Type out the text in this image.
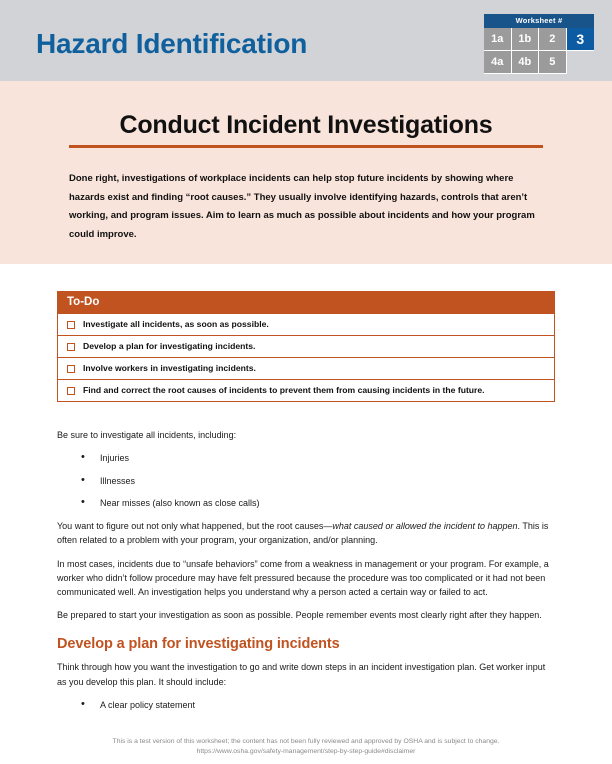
Hazard Identification
Worksheet #
1a	1b	2	3
4a	4b	5
Conduct Incident Investigations
Done right, investigations of workplace incidents can help stop future incidents by showing where hazards exist and finding “root causes.” They usually involve identifying hazards, controls that aren’t working, and program issues. Aim to learn as much as possible about incidents and how your program could improve.
To-Do
Investigate all incidents, as soon as possible.
Develop a plan for investigating incidents.
Involve workers in investigating incidents.
Find and correct the root causes of incidents to prevent them from causing incidents in the future.

Be sure to investigate all incidents, including:

• Injuries
• Illnesses
• Near misses (also known as close calls)

You want to figure out not only what happened, but the root causes—what caused or allowed the incident to happen. This is often related to a problem with your program, your organization, and/or planning.

In most cases, incidents due to “unsafe behaviors” come from a weakness in management or your program. For example, a worker who didn’t follow procedure may have felt pressured because the procedure was too complicated or it had not been communicated well. An investigation helps you understand why a person acted a certain way or failed to act.

Be prepared to start your investigation as soon as possible. People remember events most clearly right after they happen.

Develop a plan for investigating incidents

Think through how you want the investigation to go and write down steps in an incident investigation plan. Get worker input as you develop this plan. It should include:

• A clear policy statement
This is a test version of this worksheet; the content has not been fully reviewed and approved by OSHA and is subject to change.
https://www.osha.gov/safety-management/step-by-step-guide#disclaimer
